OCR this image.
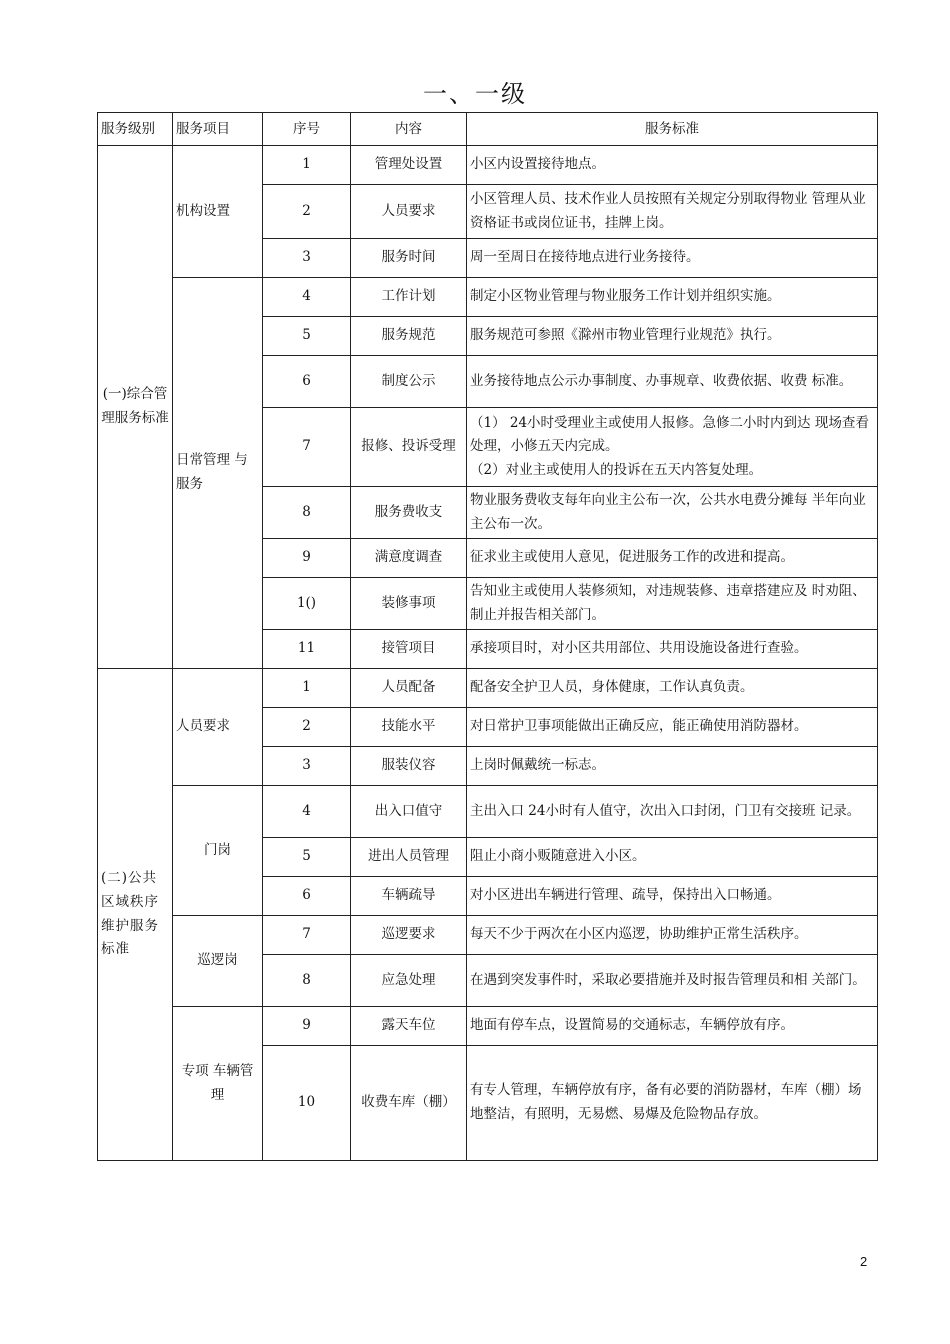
一、一级
服务级别	服务项目	序号	内容	服务标准
(一)综合管理服务标准	机构设置	1	管理处设置	小区内设置接待地点。
		2	人员要求	小区管理人员、技术作业人员按照有关规定分别取得物业 管理从业资格证书或岗位证书，挂牌上岗。
		3	服务时间	周一至周日在接待地点进行业务接待。
	日常管理 与服务	4	工作计划	制定小区物业管理与物业服务工作计划并组织实施。
		5	服务规范	服务规范可参照《滁州市物业管理行业规范》执行。
		6	制度公示	业务接待地点公示办事制度、办事规章、收费依据、收费 标准。
		7	报修、投诉受理	（1） 24小时受理业主或使用人报修。急修二小时内到达 现场查看处理，小修五天内完成。
（2）对业主或使用人的投诉在五天内答复处理。

		8	服务费收支	物业服务费收支每年向业主公布一次，公共水电费分摊每 半年向业主公布一次。
		9	满意度调查	征求业主或使用人意见，促进服务工作的改进和提高。
		1()	装修事项	告知业主或使用人装修须知，对违规装修、违章搭建应及 时劝阻、制止并报告相关部门。
		11	接管项目	承接项目时，对小区共用部位、共用设施设备进行查验。
(二)公共区域秩序维护服务标准	人员要求	1	人员配备	配备安全护卫人员，身体健康，工作认真负责。
		2	技能水平	对日常护卫事项能做出正确反应，能正确使用消防器材。
		3	服装仪容	上岗时佩戴统一标志。
	门岗	4	出入口值守	主出入口 24小时有人值守，次出入口封闭，门卫有交接班 记录。
		5	进出人员管理	阻止小商小贩随意进入小区。
		6	车辆疏导	对小区进出车辆进行管理、疏导，保持出入口畅通。
	巡逻岗	7	巡逻要求	每天不少于两次在小区内巡逻，协助维护正常生活秩序。
		8	应急处理	在遇到突发事件时，采取必要措施并及时报告管理员和相 关部门。
	专项 车辆管理	9	露天车位	地面有停车点，设置简易的交通标志，车辆停放有序。
		10	收费车库（棚）	有专人管理，车辆停放有序，备有必要的消防器材，车库（棚）场地整洁，有照明，无易燃、易爆及危险物品存放。
2
